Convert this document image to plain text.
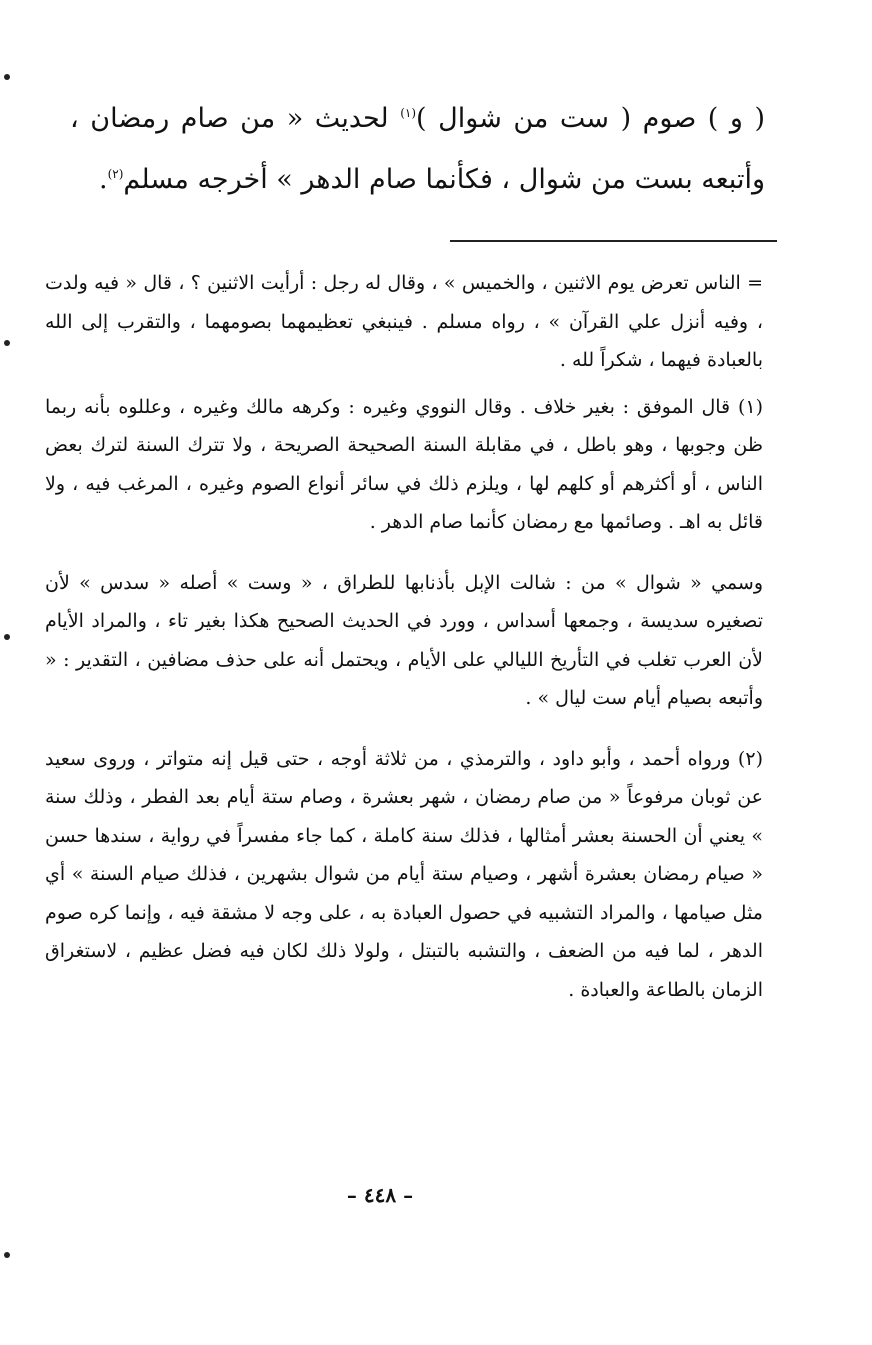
( و ) صوم ( ست من شوال )$^{(١)}$ لحديث « من صام رمضان ، وأتبعه بست من شوال ، فكأنما صام الدهر » أخرجه مسلم$^{(٢)}$.

= الناس تعرض يوم الاثنين ، والخميس » ، وقال له رجل : أرأيت الاثنين ؟ ، قال « فيه ولدت ، وفيه أنزل علي القرآن » ، رواه مسلم . فينبغي تعظيمهما بصومهما ، والتقرب إلى الله بالعبادة فيهما ، شكراً لله .

(١) قال الموفق : بغير خلاف . وقال النووي وغيره : وكرهه مالك وغيره ، وعللوه بأنه ربما ظن وجوبها ، وهو باطل ، في مقابلة السنة الصحيحة الصريحة ، ولا تترك السنة لترك بعض الناس ، أو أكثرهم أو كلهم لها ، ويلزم ذلك في سائر أنواع الصوم وغيره ، المرغب فيه ، ولا قائل به اهـ . وصائمها مع رمضان كأنما صام الدهر .

وسمي « شوال » من : شالت الإبل بأذنابها للطراق ، « وست » أصله « سدس » لأن تصغيره سديسة ، وجمعها أسداس ، وورد في الحديث الصحيح هكذا بغير تاء ، والمراد الأيام لأن العرب تغلب في التأريخ الليالي على الأيام ، ويحتمل أنه على حذف مضافين ، التقدير : « وأتبعه بصيام أيام ست ليال » .

(٢) ورواه أحمد ، وأبو داود ، والترمذي ، من ثلاثة أوجه ، حتى قيل إنه متواتر ، وروى سعيد عن ثوبان مرفوعاً « من صام رمضان ، شهر بعشرة ، وصام ستة أيام بعد الفطر ، وذلك سنة » يعني أن الحسنة بعشر أمثالها ، فذلك سنة كاملة ، كما جاء مفسراً في رواية ، سندها حسن « صيام رمضان بعشرة أشهر ، وصيام ستة أيام من شوال بشهرين ، فذلك صيام السنة » أي مثل صيامها ، والمراد التشبيه في حصول العبادة به ، على وجه لا مشقة فيه ، وإنما كره صوم الدهر ، لما فيه من الضعف ، والتشبه بالتبتل ، ولولا ذلك لكان فيه فضل عظيم ، لاستغراق الزمان بالطاعة والعبادة .

– ٤٤٨ –
